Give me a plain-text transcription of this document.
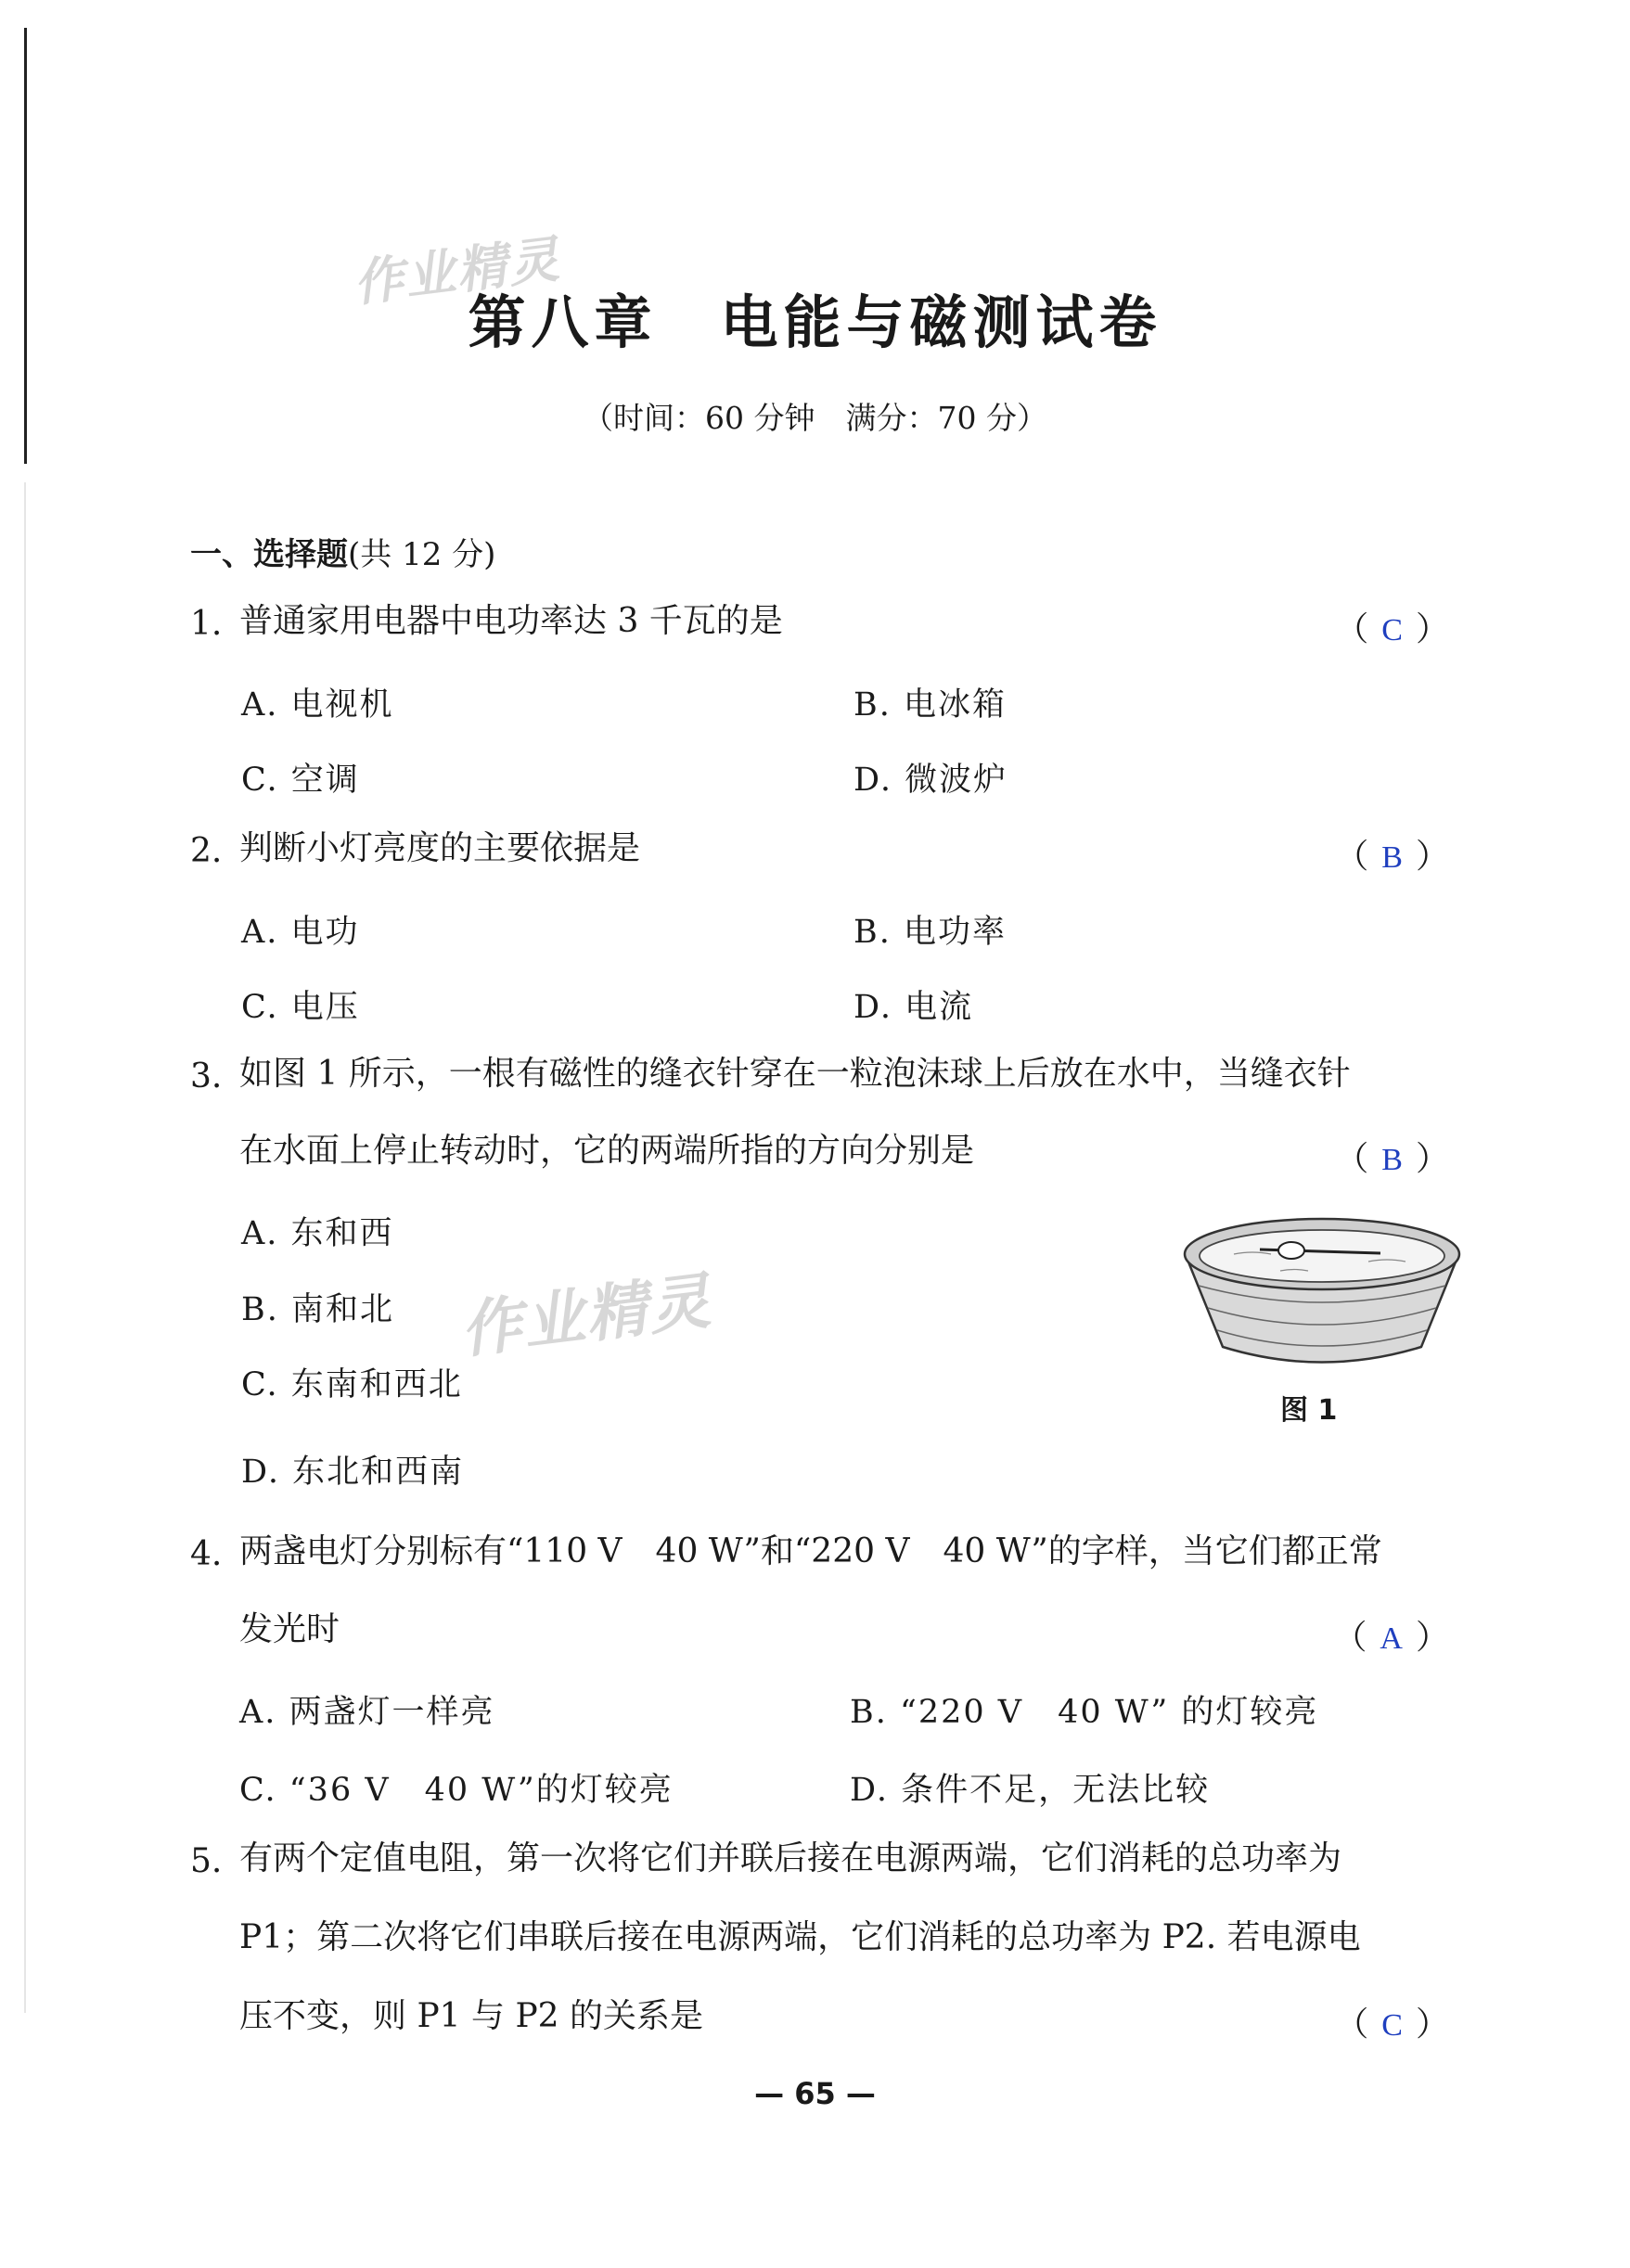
作业精灵
作业精灵
第八章　电能与磁测试卷
（时间：60 分钟　满分：70 分）
一、选择题(共 12 分)
1. 普通家用电器中电功率达 3 千瓦的是	（ C ）
A. 电视机	B. 电冰箱
C. 空调	D. 微波炉
2. 判断小灯亮度的主要依据是	（ B ）
A. 电功	B. 电功率
C. 电压	D. 电流
3. 如图 1 所示，一根有磁性的缝衣针穿在一粒泡沫球上后放在水中，当缝衣针
在水面上停止转动时，它的两端所指的方向分别是	（ B ）
A. 东和西
B. 南和北
C. 东南和西北
D. 东北和西南
图 1
4. 两盏电灯分别标有“110 V　40 W”和“220 V　40 W”的字样，当它们都正常
发光时	（ A ）
A. 两盏灯一样亮	B. “220 V　40 W” 的灯较亮
C. “36 V　40 W”的灯较亮	D. 条件不足，无法比较
5. 有两个定值电阻，第一次将它们并联后接在电源两端，它们消耗的总功率为
P1；第二次将它们串联后接在电源两端，它们消耗的总功率为 P2. 若电源电
压不变，则 P1 与 P2 的关系是	（ C ）
— 65 —
